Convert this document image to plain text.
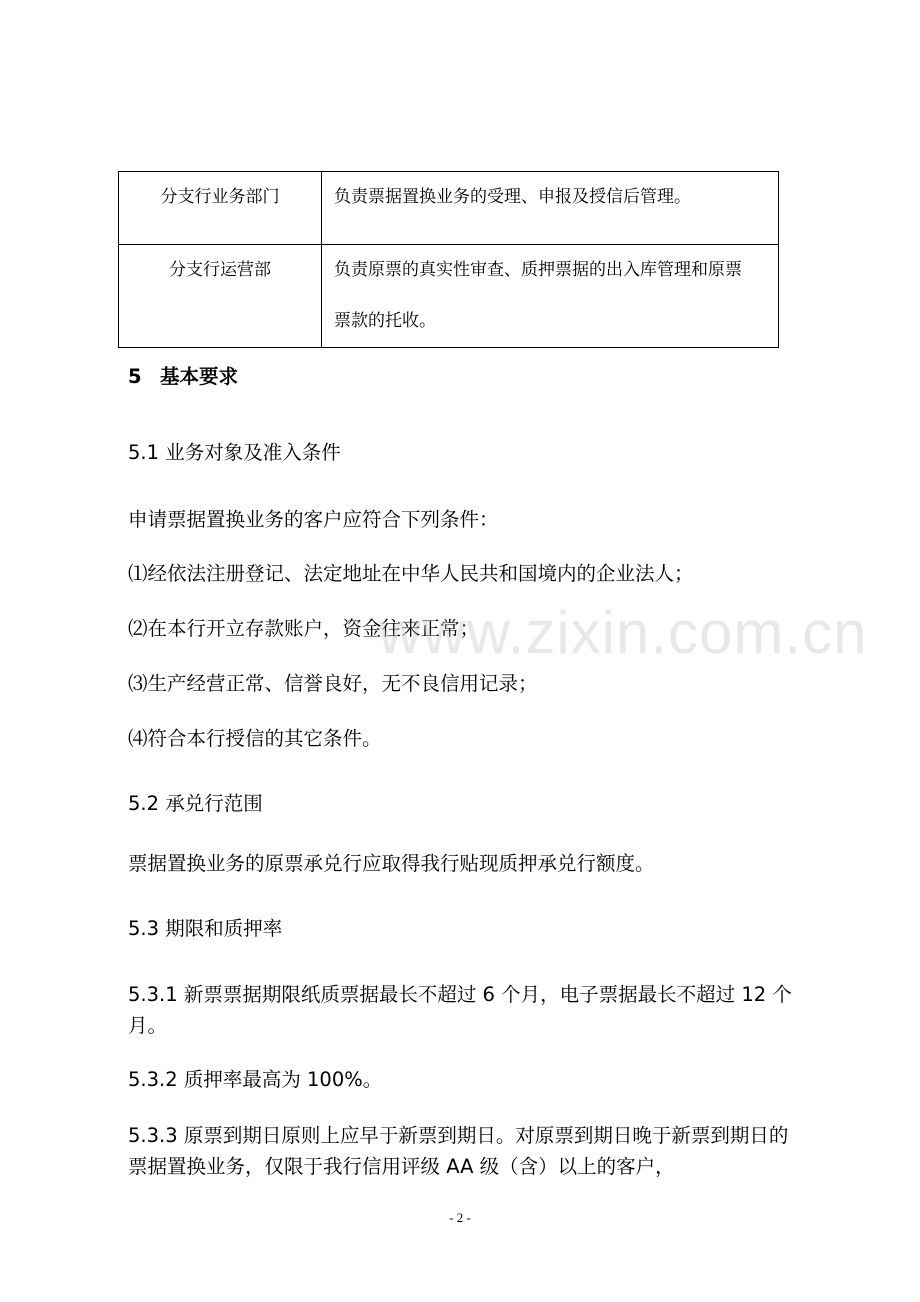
分支行业务部门	负责票据置换业务的受理、申报及授信后管理。
分支行运营部	负责原票的真实性审查、质押票据的出入库管理和原票
票款的托收。
5 基本要求
5.1 业务对象及准入条件
申请票据置换业务的客户应符合下列条件：
⑴经依法注册登记、法定地址在中华人民共和国境内的企业法人；
⑵在本行开立存款账户，资金往来正常；
⑶生产经营正常、信誉良好，无不良信用记录；
⑷符合本行授信的其它条件。
5.2 承兑行范围
票据置换业务的原票承兑行应取得我行贴现质押承兑行额度。
5.3 期限和质押率
5.3.1 新票票据期限纸质票据最长不超过 6 个月，电子票据最长不超过 12 个月。
5.3.2 质押率最高为 100%。
5.3.3 原票到期日原则上应早于新票到期日。对原票到期日晚于新票到期日的票据置换业务，仅限于我行信用评级 AA 级（含）以上的客户，
www.zixin.com.cn
- 2 -
